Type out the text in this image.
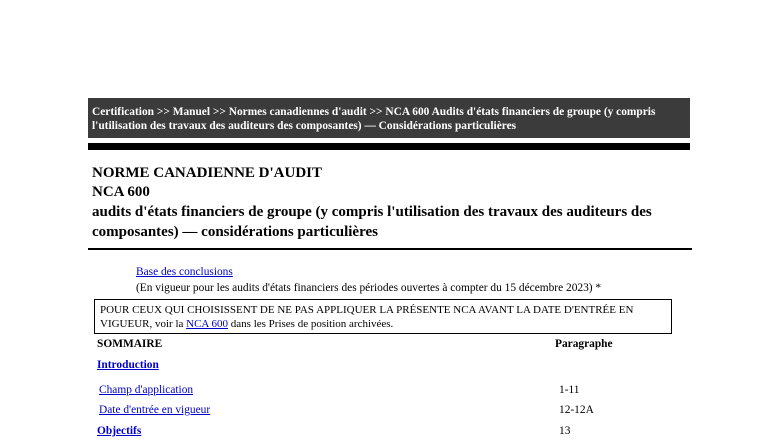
Certification >> Manuel >> Normes canadiennes d'audit >> NCA 600 Audits d'états financiers de groupe (y compris l'utilisation des travaux des auditeurs des composantes) — Considérations particulières
NORME CANADIENNE D'AUDIT
NCA 600
audits d'états financiers de groupe (y compris l'utilisation des travaux des auditeurs des composantes) — considérations particulières
Base des conclusions
(En vigueur pour les audits d'états financiers des périodes ouvertes à compter du 15 décembre 2023) *
POUR CEUX QUI CHOISISSENT DE NE PAS APPLIQUER LA PRÉSENTE NCA AVANT LA DATE D'ENTRÉE EN VIGUEUR, voir la NCA 600 dans les Prises de position archivées.
SOMMAIRE	Paragraphe
Introduction
Champ d'application	1-11
Date d'entrée en vigueur	12-12A
Objectifs	13
